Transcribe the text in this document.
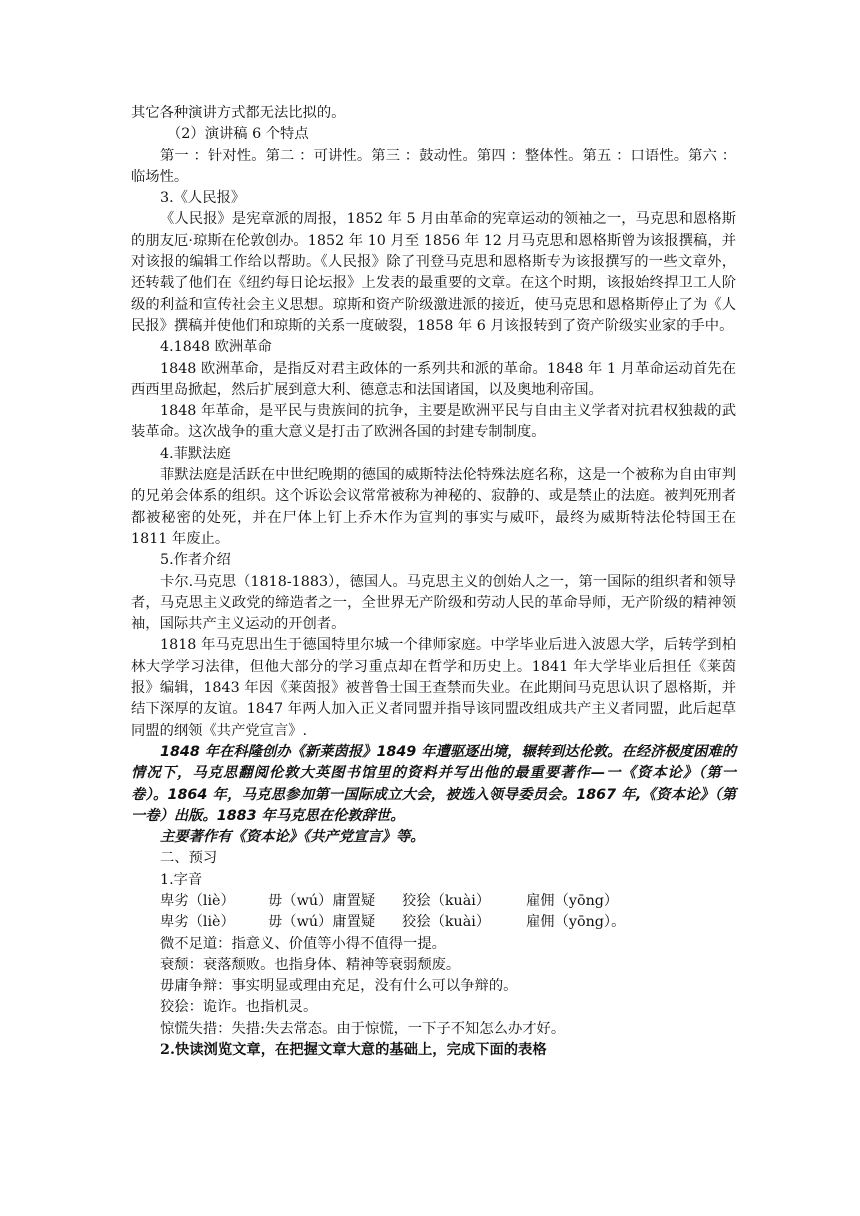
其它各种演讲方式都无法比拟的。

（2）演讲稿 6 个特点

第一 ：针对性。第二 ：可讲性。第三 ：鼓动性。第四 ：整体性。第五 ：口语性。第六 ：临场性。

3.《人民报》

《人民报》是宪章派的周报，1852 年 5 月由革命的宪章运动的领袖之一，马克思和恩格斯的朋友厄·琼斯在伦敦创办。1852 年 10 月至 1856 年 12 月马克思和恩格斯曾为该报撰稿，并对该报的编辑工作给以帮助。《人民报》除了刊登马克思和恩格斯专为该报撰写的一些文章外，还转载了他们在《纽约每日论坛报》上发表的最重要的文章。在这个时期，该报始终捍卫工人阶级的利益和宣传社会主义思想。琼斯和资产阶级激进派的接近，使马克思和恩格斯停止了为《人民报》撰稿并使他们和琼斯的关系一度破裂，1858 年 6 月该报转到了资产阶级实业家的手中。

4.1848 欧洲革命

1848 欧洲革命，是指反对君主政体的一系列共和派的革命。1848 年 1 月革命运动首先在西西里岛掀起，然后扩展到意大利、德意志和法国诸国，以及奥地利帝国。

1848 年革命，是平民与贵族间的抗争，主要是欧洲平民与自由主义学者对抗君权独裁的武装革命。这次战争的重大意义是打击了欧洲各国的封建专制制度。

4.菲默法庭

菲默法庭是活跃在中世纪晚期的德国的威斯特法伦特殊法庭名称，这是一个被称为自由审判的兄弟会体系的组织。这个诉讼会议常常被称为神秘的、寂静的、或是禁止的法庭。被判死刑者都被秘密的处死，并在尸体上钉上乔木作为宣判的事实与威吓，最终为威斯特法伦特国王在 1811 年废止。

5.作者介绍

卡尔.马克思（1818-1883），德国人。马克思主义的创始人之一，第一国际的组织者和领导者，马克思主义政党的缔造者之一，全世界无产阶级和劳动人民的革命导师，无产阶级的精神领袖，国际共产主义运动的开创者。

1818 年马克思出生于德国特里尔城一个律师家庭。中学毕业后进入波恩大学，后转学到柏林大学学习法律，但他大部分的学习重点却在哲学和历史上。1841 年大学毕业后担任《莱茵报》编辑，1843 年因《莱茵报》被普鲁士国王查禁而失业。在此期间马克思认识了恩格斯，并结下深厚的友谊。1847 年两人加入正义者同盟并指导该同盟改组成共产主义者同盟，此后起草同盟的纲领《共产党宣言》.

1848 年在科隆创办《新莱茵报》1849 年遭驱逐出境，辗转到达伦敦。在经济极度困难的情况下，马克思翻阅伦敦大英图书馆里的资料并写出他的最重要著作—一《资本论》（第一 卷）。1864 年，马克思参加第一国际成立大会，被选入领导委员会。1867 年,《资本论》（第一卷）出版。1883 年马克思在伦敦辞世。

主要著作有《资本论》《共产党宣言》等。

二、预习

1.字音

卑劣（liè） 毋（wú）庸置疑 狡狯（kuài）	雇佣（yōng）

卑劣（liè） 毋（wú）庸置疑 狡狯（kuài）	雇佣（yōng）。

微不足道：指意义、价值等小得不值得一提。

衰颓：衰落颓败。也指身体、精神等衰弱颓废。

毋庸争辩：事实明显或理由充足，没有什么可以争辩的。

狡狯：诡诈。也指机灵。

惊慌失措：失措:失去常态。由于惊慌，一下子不知怎么办才好。

2.快读浏览文章，在把握文章大意的基础上，完成下面的表格
